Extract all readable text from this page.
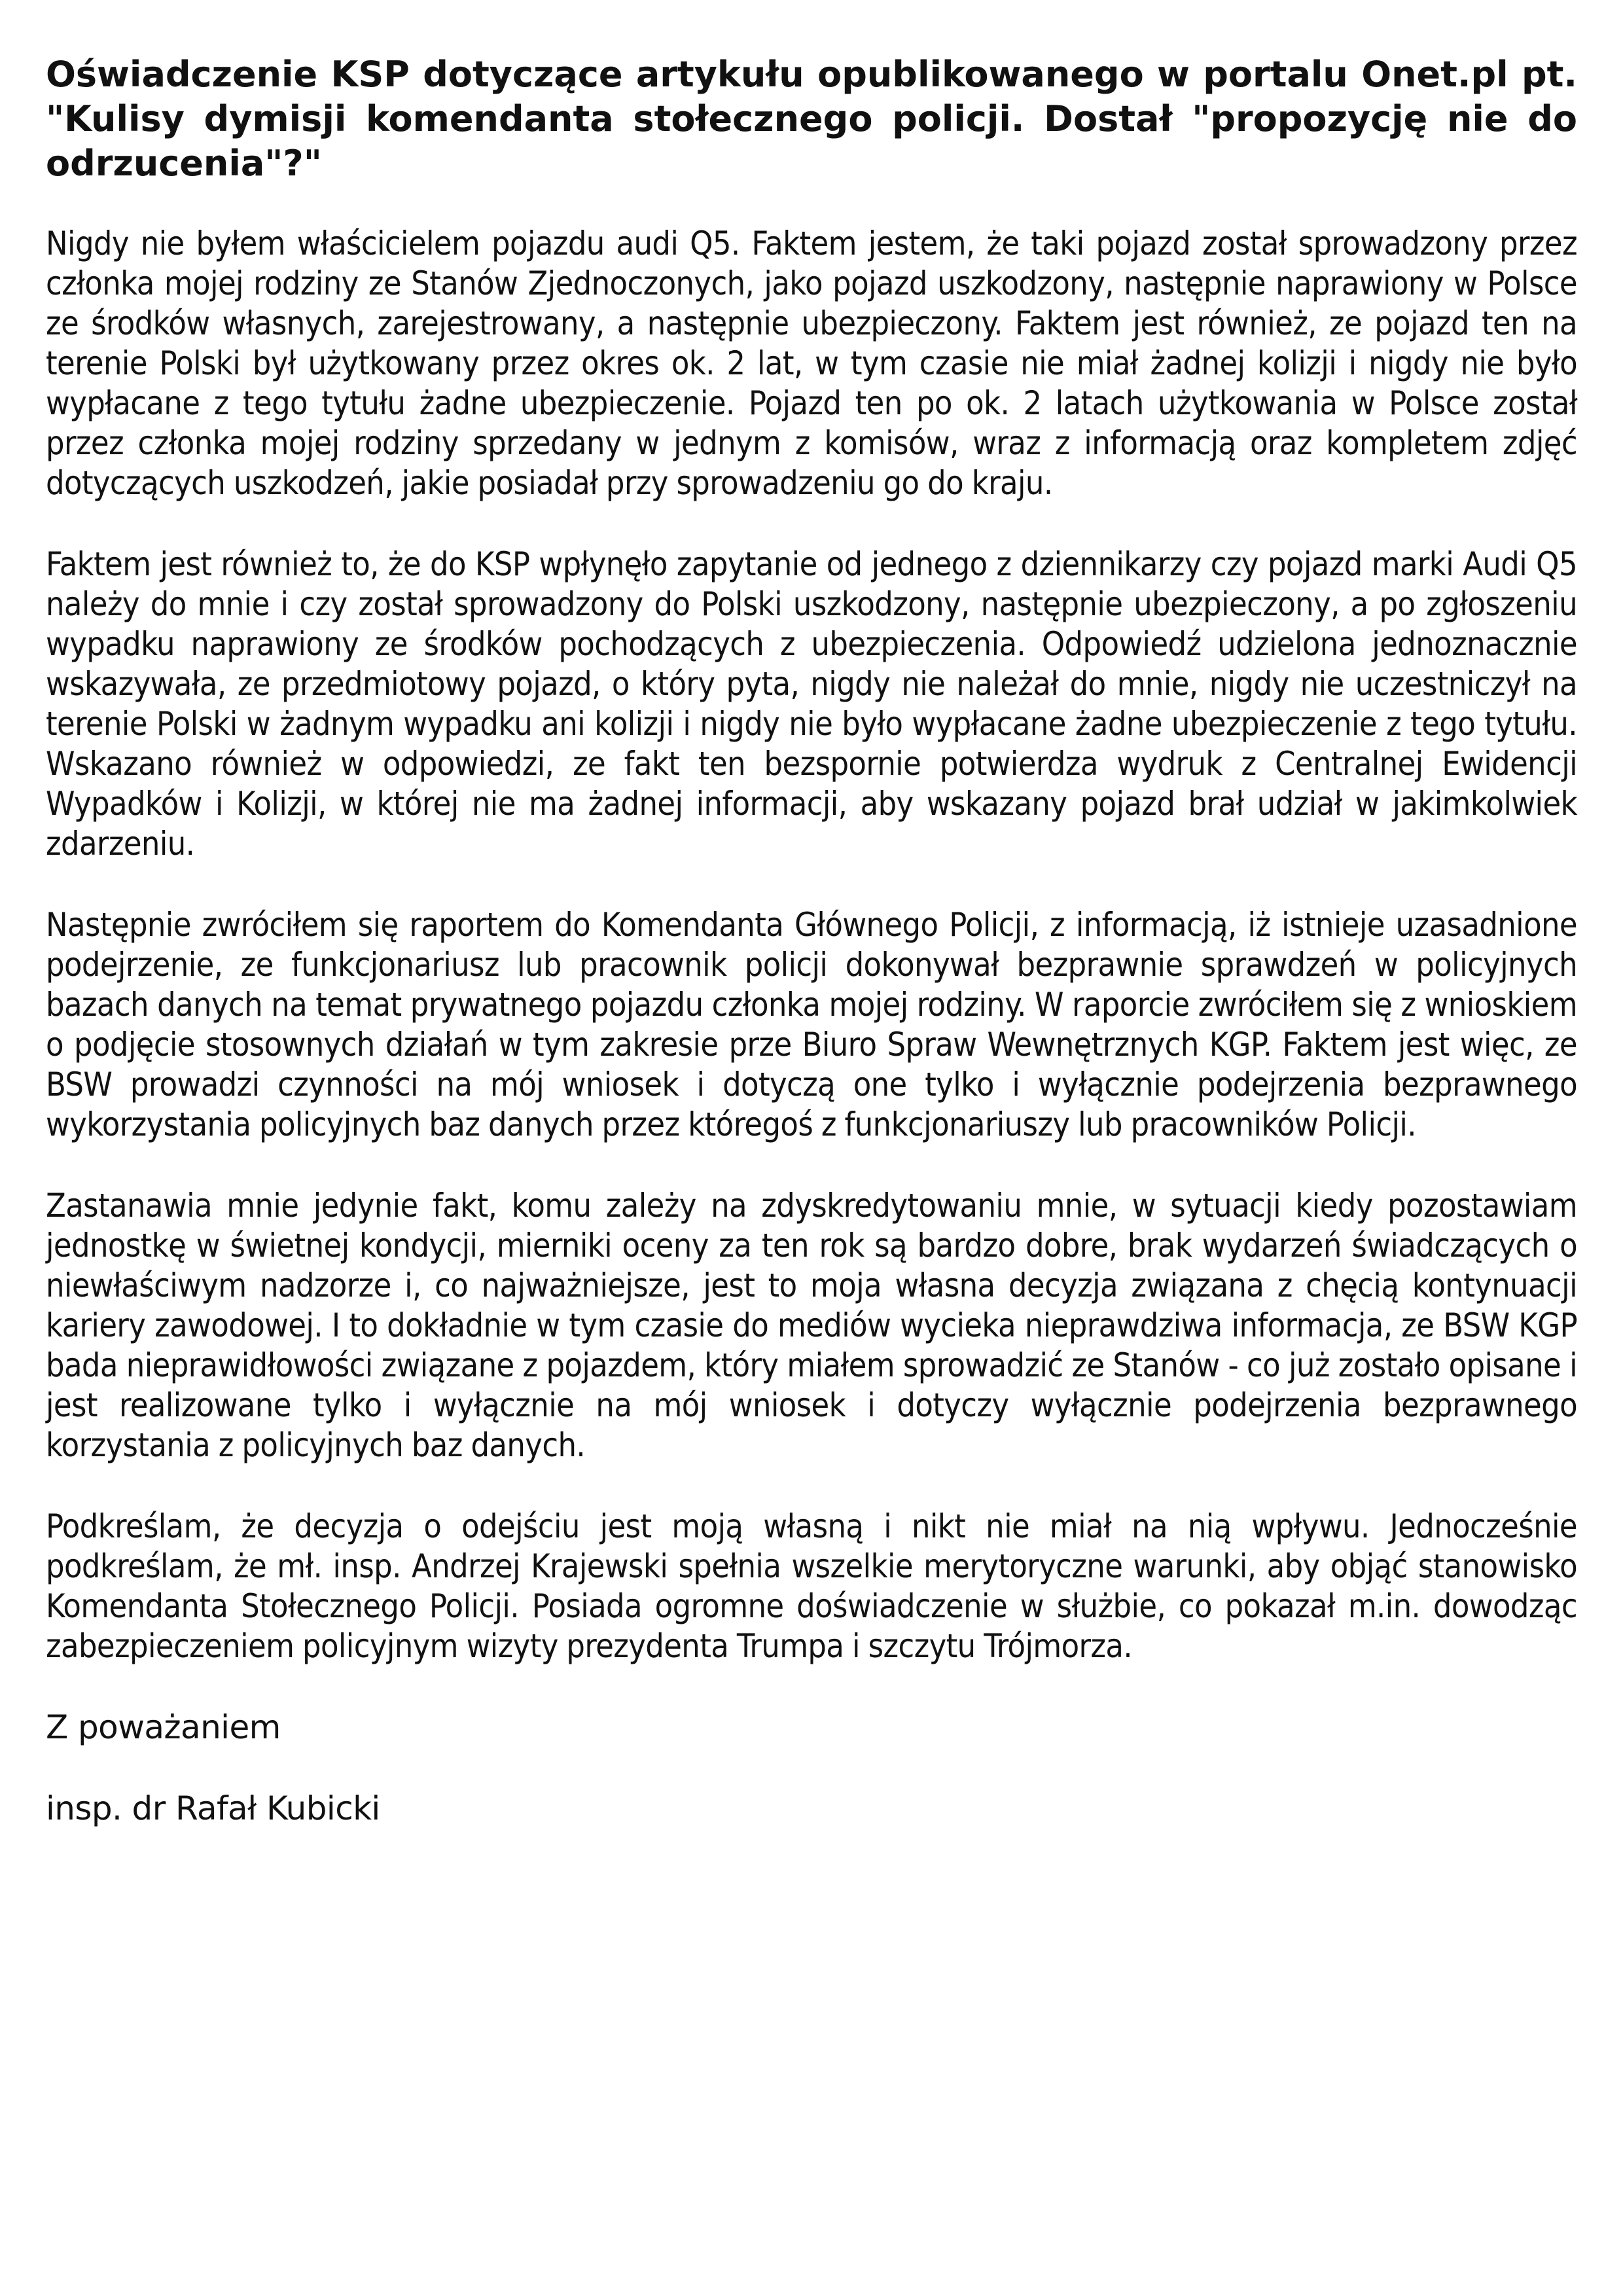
Oświadczenie KSP dotyczące artykułu opublikowanego w portalu Onet.pl pt. "Kulisy dymisji komendanta stołecznego policji. Dostał "propozycję nie do odrzucenia"?"

Nigdy nie byłem właścicielem pojazdu audi Q5. Faktem jestem, że taki pojazd został sprowadzony przez członka mojej rodziny ze Stanów Zjednoczonych, jako pojazd uszkodzony, następnie naprawiony w Polsce ze środków własnych, zarejestrowany, a następnie ubezpieczony. Faktem jest również, ze pojazd ten na terenie Polski był użytkowany przez okres ok. 2 lat, w tym czasie nie miał żadnej kolizji i nigdy nie było wypłacane z tego tytułu żadne ubezpieczenie. Pojazd ten po ok. 2 latach użytkowania w Polsce został przez członka mojej rodziny sprzedany w jednym z komisów, wraz z informacją oraz kompletem zdjęć dotyczących uszkodzeń, jakie posiadał przy sprowadzeniu go do kraju.

Faktem jest również to, że do KSP wpłynęło zapytanie od jednego z dziennikarzy czy pojazd marki Audi Q5 należy do mnie i czy został sprowadzony do Polski uszkodzony, następnie ubezpieczony, a po zgłoszeniu wypadku naprawiony ze środków pochodzących z ubezpieczenia. Odpowiedź udzielona jednoznacznie wskazywała, ze przedmiotowy pojazd, o który pyta, nigdy nie należał do mnie, nigdy nie uczestniczył na terenie Polski w żadnym wypadku ani kolizji i nigdy nie było wypłacane żadne ubezpieczenie z tego tytułu. Wskazano również w odpowiedzi, ze fakt ten bezspornie potwierdza wydruk z Centralnej Ewidencji Wypadków i Kolizji, w której nie ma żadnej informacji, aby wskazany pojazd brał udział w jakimkolwiek zdarzeniu.

Następnie zwróciłem się raportem do Komendanta Głównego Policji, z informacją, iż istnieje uzasadnione podejrzenie, ze funkcjonariusz lub pracownik policji dokonywał bezprawnie sprawdzeń w policyjnych bazach danych na temat prywatnego pojazdu członka mojej rodziny. W raporcie zwróciłem się z wnioskiem o podjęcie stosownych działań w tym zakresie prze Biuro Spraw Wewnętrznych KGP. Faktem jest więc, ze BSW prowadzi czynności na mój wniosek i dotyczą one tylko i wyłącznie podejrzenia bezprawnego wykorzystania policyjnych baz danych przez któregoś z funkcjonariuszy lub pracowników Policji.

Zastanawia mnie jedynie fakt, komu zależy na zdyskredytowaniu mnie, w sytuacji kiedy pozostawiam jednostkę w świetnej kondycji, mierniki oceny za ten rok są bardzo dobre, brak wydarzeń świadczących o niewłaściwym nadzorze i, co najważniejsze, jest to moja własna decyzja związana z chęcią kontynuacji kariery zawodowej. I to dokładnie w tym czasie do mediów wycieka nieprawdziwa informacja, ze BSW KGP bada nieprawidłowości związane z pojazdem, który miałem sprowadzić ze Stanów - co już zostało opisane i jest realizowane tylko i wyłącznie na mój wniosek i dotyczy wyłącznie podejrzenia bezprawnego korzystania z policyjnych baz danych.

Podkreślam, że decyzja o odejściu jest moją własną i nikt nie miał na nią wpływu. Jednocześnie podkreślam, że mł. insp. Andrzej Krajewski spełnia wszelkie merytoryczne warunki, aby objąć stanowisko Komendanta Stołecznego Policji. Posiada ogromne doświadczenie w służbie, co pokazał m.in. dowodząc zabezpieczeniem policyjnym wizyty prezydenta Trumpa i szczytu Trójmorza.

Z poważaniem

insp. dr Rafał Kubicki
